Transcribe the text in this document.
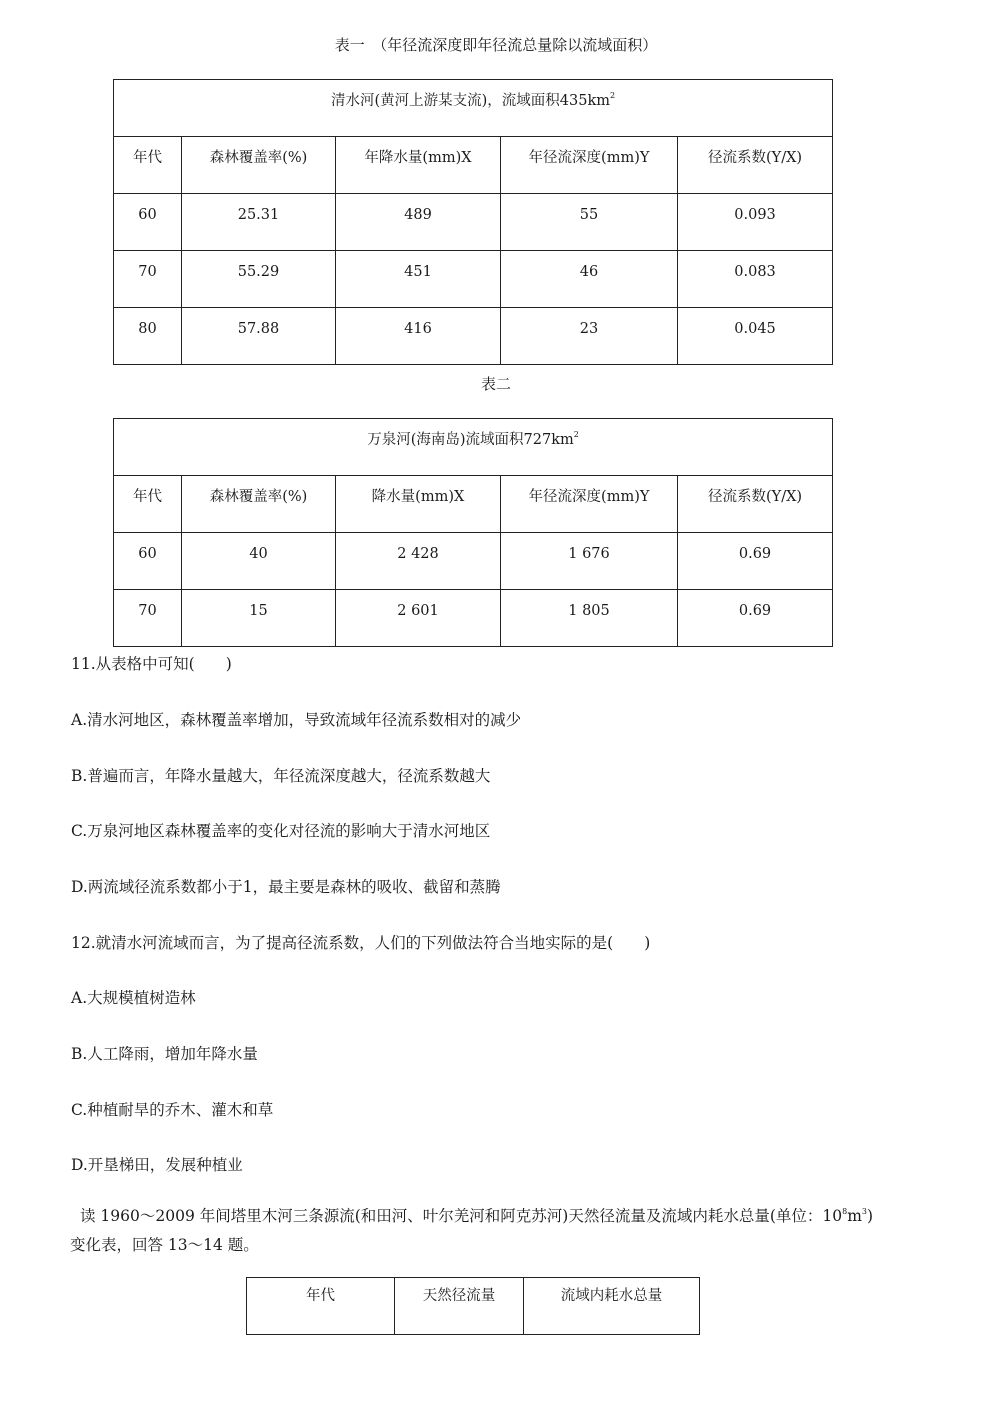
表一　（年径流深度即年径流总量除以流域面积）
清水河(黄河上游某支流)，流域面积$435km^2$
年代	森林覆盖率(%)	年降水量(mm)X	年径流深度(mm)Y	径流系数(Y/X)
60	25.31	489	55	0.093
70	55.29	451	46	0.083
80	57.88	416	23	0.045
表二
万泉河(海南岛)流域面积$727km^2$
年代	森林覆盖率(%)	降水量(mm)X	年径流深度(mm)Y	径流系数(Y/X)
60	40	2 428	1 676	0.69
70	15	2 601	1 805	0.69
11.从表格中可知(　　)
A.清水河地区，森林覆盖率增加，导致流域年径流系数相对的减少
B.普遍而言，年降水量越大，年径流深度越大，径流系数越大
C.万泉河地区森林覆盖率的变化对径流的影响大于清水河地区
D.两流域径流系数都小于1，最主要是森林的吸收、截留和蒸腾
12.就清水河流域而言，为了提高径流系数，人们的下列做法符合当地实际的是(　　)
A.大规模植树造林
B.人工降雨，增加年降水量
C.种植耐旱的乔木、灌木和草
D.开垦梯田，发展种植业
读 1960～2009 年间塔里木河三条源流(和田河、叶尔羌河和阿克苏河)天然径流量及流域内耗水总量(单位：$10^8m^3$)变化表，回答 13～14 题。
年代	天然径流量	流域内耗水总量
